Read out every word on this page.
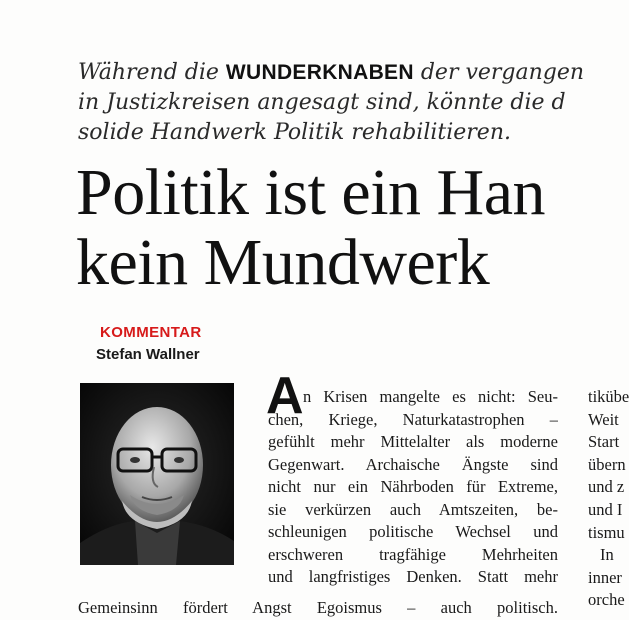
Während die WUNDERKNABEN der vergangen
in Justizkreisen angesagt sind, könnte die d
solide Handwerk Politik rehabilitieren.
Politik ist ein Han
kein Mundwerk
KOMMENTAR
Stefan Wallner
A n Krisen mangelte es nicht: Seu-
chen, Kriege, Naturkatastrophen –
gefühlt mehr Mittelalter als moderne
Gegenwart. Archaische Ängste sind
nicht nur ein Nährboden für Extreme,
sie verkürzen auch Amtszeiten, be-
schleunigen politische Wechsel und
erschweren tragfähige Mehrheiten
und langfristiges Denken. Statt mehr
Gemeinsinn fördert Angst Egoismus – auch politisch.
tikübe
Weit
Start
übern
und z
und I
tismu
In
inner
orche
